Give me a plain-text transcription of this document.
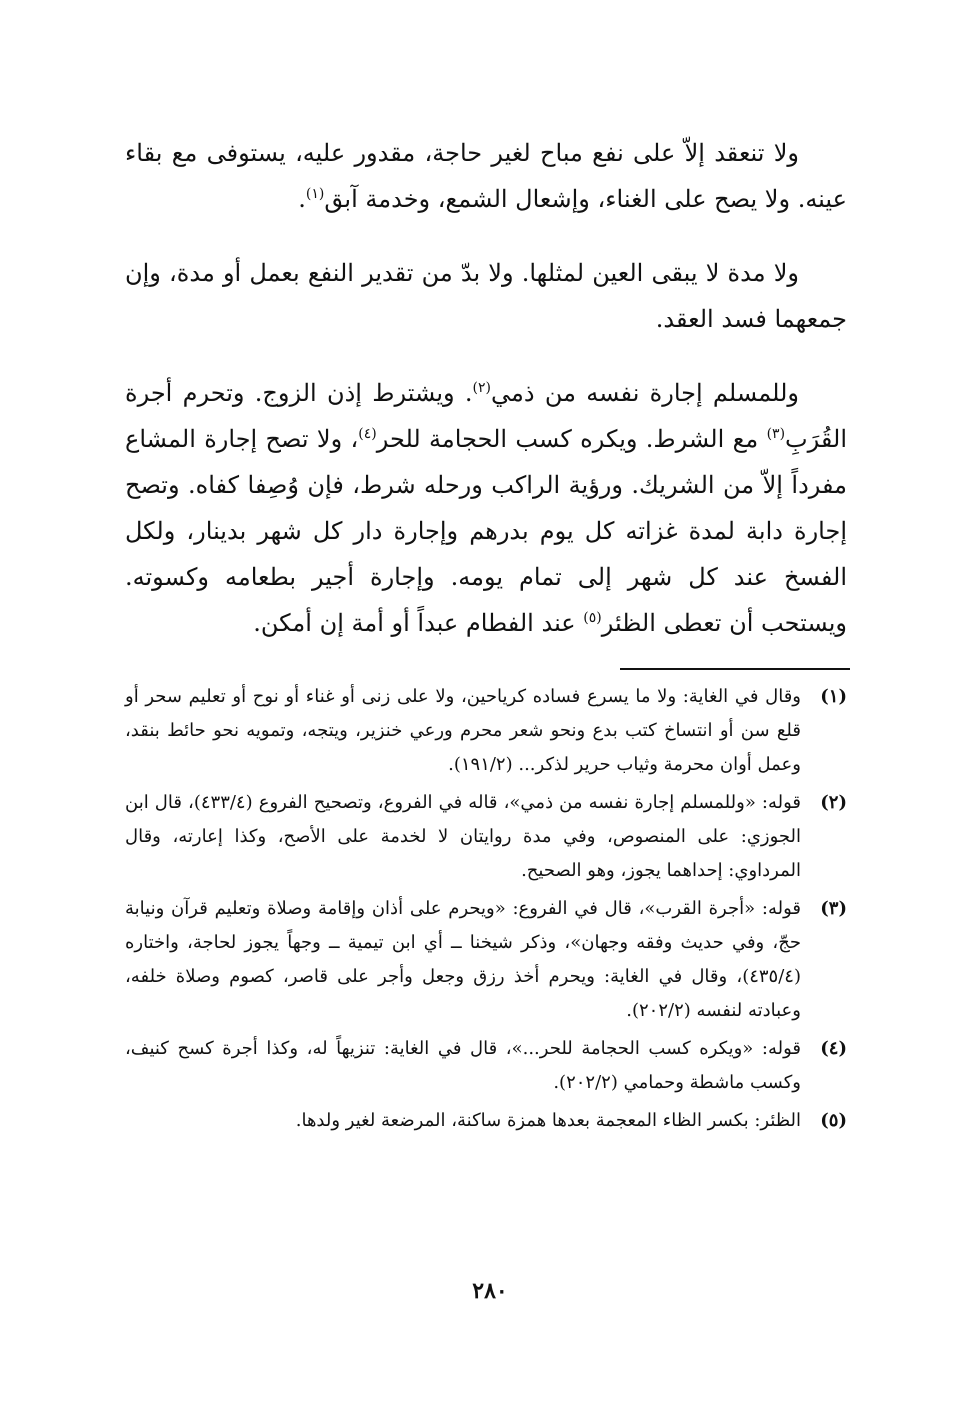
ولا تنعقد إلاّ على نفع مباح لغير حاجة، مقدور عليه، يستوفى مع بقاء عينه. ولا يصح على الغناء، وإشعال الشمع، وخدمة آبق$^{(١)}$.

ولا مدة لا يبقى العين لمثلها. ولا بدّ من تقدير النفع بعمل أو مدة، وإن جمعهما فسد العقد.

وللمسلم إجارة نفسه من ذمي$^{(٢)}$. ويشترط إذن الزوج. وتحرم أجرة القُرَبِ$^{(٣)}$ مع الشرط. ويكره كسب الحجامة للحر$^{(٤)}$، ولا تصح إجارة المشاع مفرداً إلاّ من الشريك. ورؤية الراكب ورحله شرط، فإن وُصِفا كفاه. وتصح إجارة دابة لمدة غزاته كل يوم بدرهم وإجارة دار كل شهر بدينار، ولكل الفسخ عند كل شهر إلى تمام يومه. وإجارة أجير بطعامه وكسوته. ويستحب أن تعطى الظئر$^{(٥)}$ عند الفطام عبداً أو أمة إن أمكن.

(١)
وقال في الغاية: ولا ما يسرع فساده كرياحين، ولا على زنى أو غناء أو نوح أو تعليم سحر أو قلع سن أو انتساخ كتب بدع ونحو شعر محرم ورعي خنزير، ويتجه، وتمويه نحو حائط بنقد، وعمل أوان محرمة وثياب حرير لذكر... (١٩١/٢).
(٢)
قوله: «وللمسلم إجارة نفسه من ذمي»، قاله في الفروع، وتصحيح الفروع (٤٣٣/٤)، قال ابن الجوزي: على المنصوص، وفي مدة روايتان لا لخدمة على الأصح، وكذا إعارته، وقال المرداوي: إحداهما يجوز، وهو الصحيح.
(٣)
قوله: «أجرة القرب»، قال في الفروع: «ويحرم على أذان وإقامة وصلاة وتعليم قرآن ونيابة حجّ، وفي حديث وفقه وجهان»، وذكر شيخنا ــ أي ابن تيمية ــ وجهاً يجوز لحاجة، واختاره (٤٣٥/٤)، وقال في الغاية: ويحرم أخذ رزق وجعل وأجر على قاصر، كصوم وصلاة خلفه، وعبادته لنفسه (٢٠٢/٢).
(٤)
قوله: «ويكره كسب الحجامة للحر...»، قال في الغاية: تنزيهاً له، وكذا أجرة كسح كنيف، وكسب ماشطة وحمامي (٢٠٢/٢).
(٥)
الظئر: بكسر الظاء المعجمة بعدها همزة ساكنة، المرضعة لغير ولدها.
٢٨٠
